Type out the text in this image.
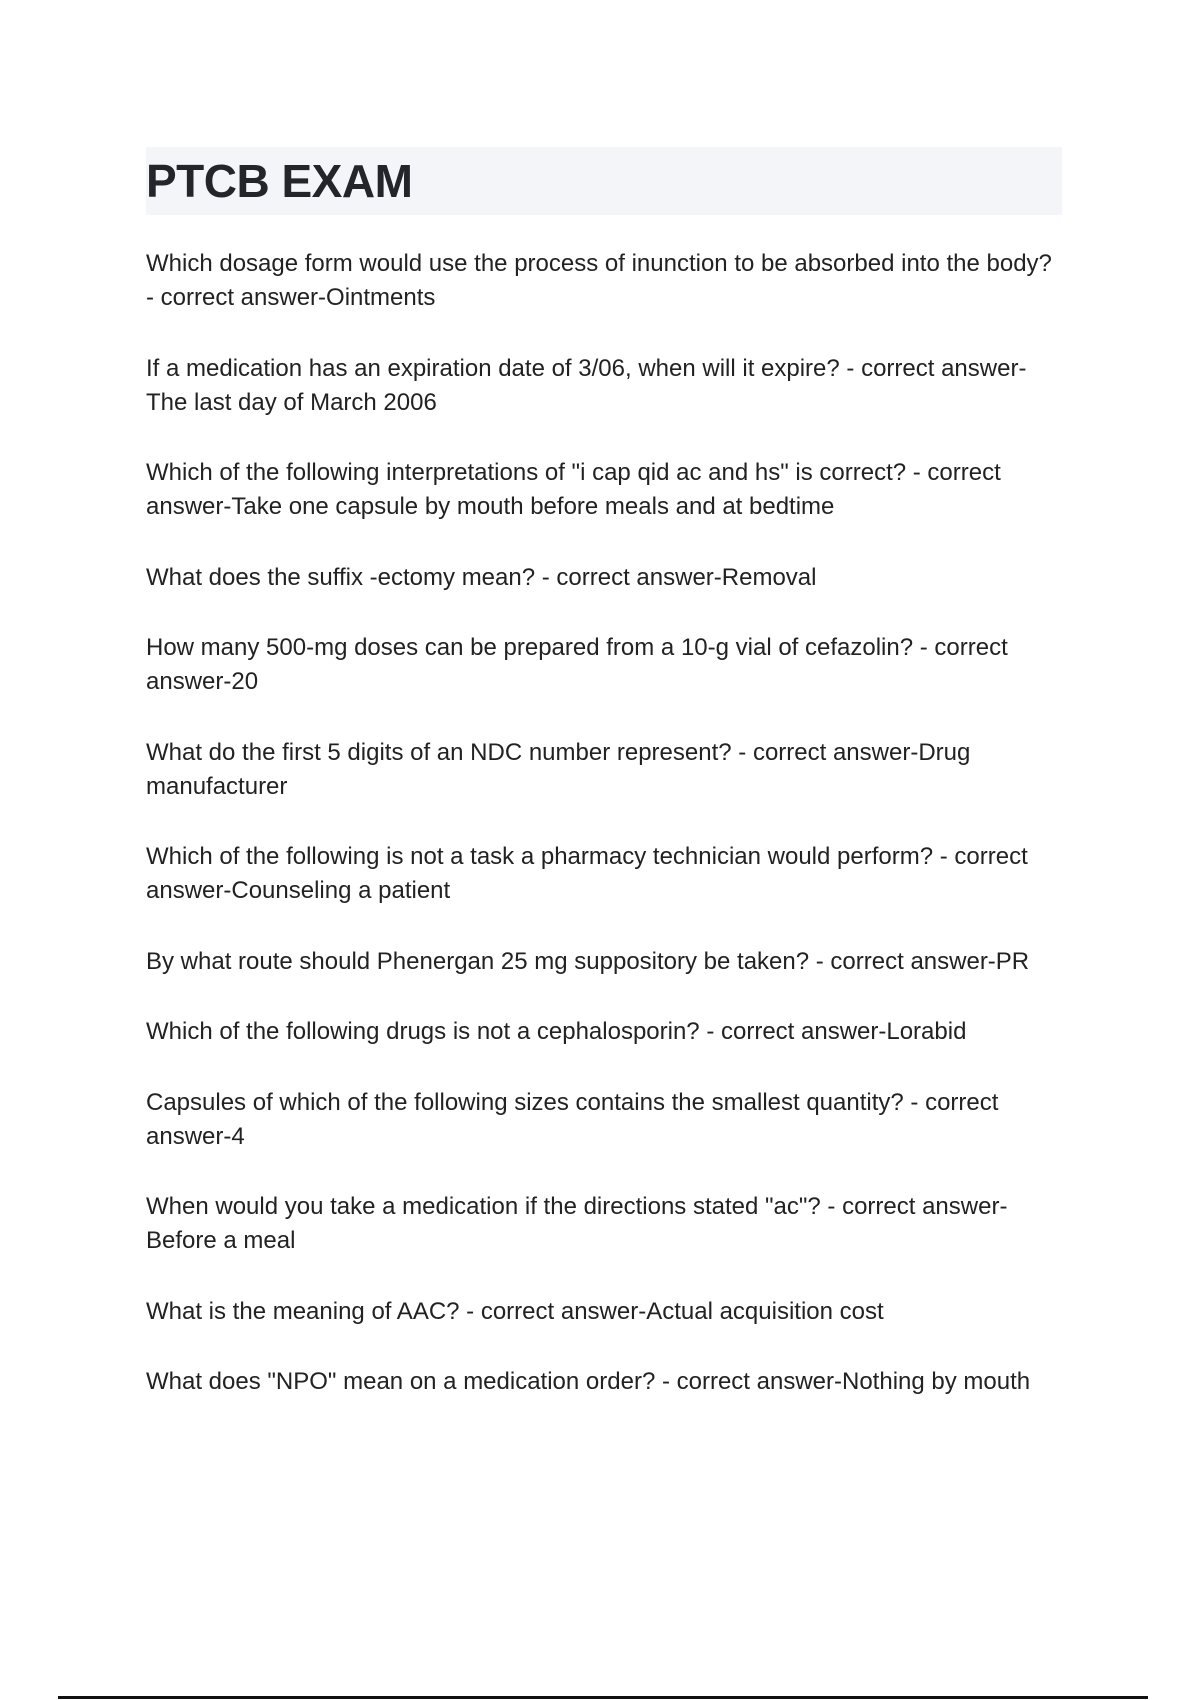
PTCB EXAM

Which dosage form would use the process of inunction to be absorbed into the body? - correct answer-Ointments

If a medication has an expiration date of 3/06, when will it expire? - correct answer-The last day of March 2006

Which of the following interpretations of "i cap qid ac and hs" is correct? - correct answer-Take one capsule by mouth before meals and at bedtime

What does the suffix -ectomy mean? - correct answer-Removal

How many 500-mg doses can be prepared from a 10-g vial of cefazolin? - correct answer-20

What do the first 5 digits of an NDC number represent? - correct answer-Drug manufacturer

Which of the following is not a task a pharmacy technician would perform? - correct answer-Counseling a patient

By what route should Phenergan 25 mg suppository be taken? - correct answer-PR

Which of the following drugs is not a cephalosporin? - correct answer-Lorabid

Capsules of which of the following sizes contains the smallest quantity? - correct answer-4

When would you take a medication if the directions stated "ac"? - correct answer-Before a meal

What is the meaning of AAC? - correct answer-Actual acquisition cost

What does "NPO" mean on a medication order? - correct answer-Nothing by mouth
